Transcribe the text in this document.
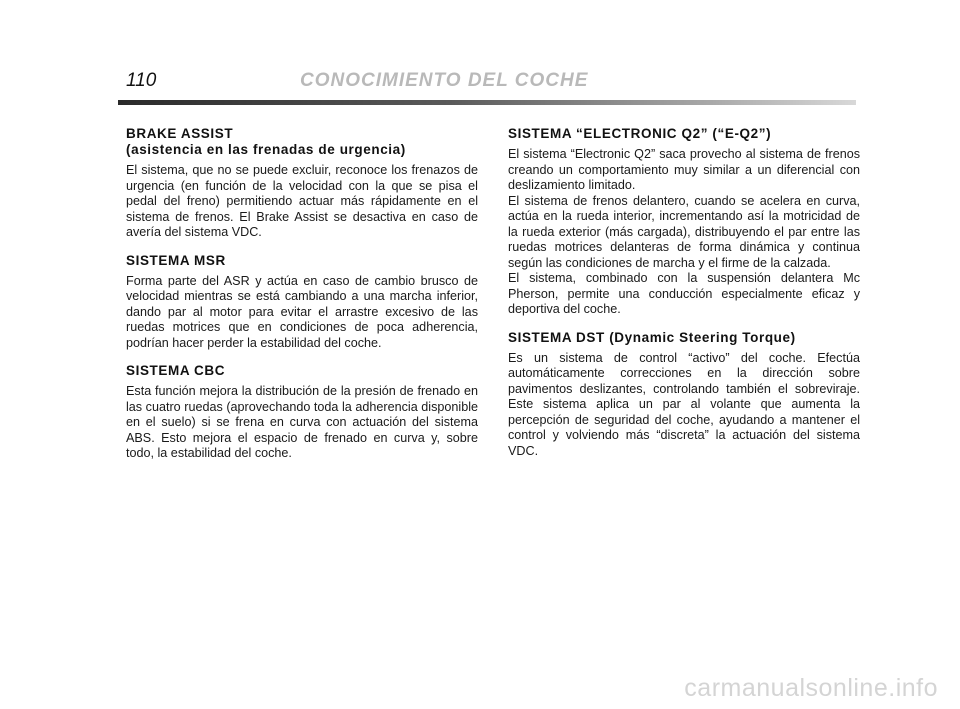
110	CONOCIMIENTO DEL COCHE
BRAKE ASSIST
(asistencia en las frenadas de urgencia)

El sistema, que no se puede excluir, reconoce los frenazos de urgencia (en función de la velocidad con la que se pisa el pedal del freno) permitiendo actuar más rápidamente en el sistema de frenos. El Brake Assist se desactiva en caso de avería del sistema VDC.

SISTEMA MSR

Forma parte del ASR y actúa en caso de cambio brusco de velocidad mientras se está cambiando a una marcha inferior, dando par al motor para evitar el arrastre excesivo de las ruedas motrices que en condiciones de poca adherencia, podrían hacer perder la estabilidad del coche.

SISTEMA CBC

Esta función mejora la distribución de la presión de frenado en las cuatro ruedas (aprovechando toda la adherencia disponible en el suelo) si se frena en curva con actuación del sistema ABS. Esto mejora el espacio de frenado en curva y, sobre todo, la estabilidad del coche.

SISTEMA “ELECTRONIC Q2” (“E-Q2”)

El sistema “Electronic Q2” saca provecho al sistema de frenos creando un comportamiento muy similar a un diferencial con deslizamiento limitado.
El sistema de frenos delantero, cuando se acelera en curva, actúa en la rueda interior, incrementando así la motricidad de la rueda exterior (más cargada), distribuyendo el par entre las ruedas motrices delanteras de forma dinámica y continua según las condiciones de marcha y el firme de la calzada.
El sistema, combinado con la suspensión delantera Mc Pherson, permite una conducción especialmente eficaz y deportiva del coche.

SISTEMA DST (Dynamic Steering Torque)

Es un sistema de control “activo” del coche. Efectúa automáticamente correcciones en la dirección sobre pavimentos deslizantes, controlando también el sobreviraje. Este sistema aplica un par al volante que aumenta la percepción de seguridad del coche, ayudando a mantener el control y volviendo más “discreta” la actuación del sistema VDC.

carmanualsonline.info
